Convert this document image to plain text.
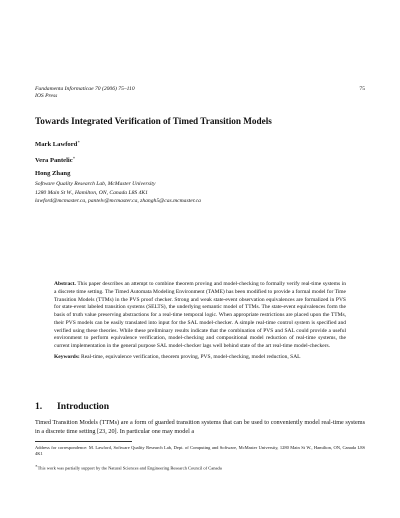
Fundamenta Informaticae 70 (2006) 75–110
IOS Press
75
Towards Integrated Verification of Timed Transition Models
Mark Lawford∗
Vera Pantelic∗
Hong Zhang
Software Quality Research Lab, McMaster University
1280 Main St W., Hamilton, ON, Canada L8S 4K1
lawford@mcmaster.ca, pantelv@mcmaster.ca, zhangh5@cas.mcmaster.ca
Abstract. This paper describes an attempt to combine theorem proving and model-checking to formally verify real-time systems in a discrete time setting. The Timed Automata Modeling Environment (TAME) has been modified to provide a formal model for Time Transition Models (TTMs) in the PVS proof checker. Strong and weak state-event observation equivalences are formalized in PVS for state-event labeled transition systems (SELTS), the underlying semantic model of TTMs. The state-event equivalences form the basis of truth value preserving abstractions for a real-time temporal logic. When appropriate restrictions are placed upon the TTMs, their PVS models can be easily translated into input for the SAL model-checker. A simple real-time control system is specified and verified using these theories. While these preliminary results indicate that the combination of PVS and SAL could provide a useful environment to perform equivalence verification, model-checking and compositional model reduction of real-time systems, the current implementation in the general purpose SAL model-checker lags well behind state of the art real-time model-checkers.
Keywords: Real-time, equivalence verification, theorem proving, PVS, model-checking, model reduction, SAL
1. Introduction
Timed Transition Models (TTMs) are a form of guarded transition systems that can be used to conveniently model real-time systems in a discrete time setting [23, 20]. In particular one may model a
Address for correspondence: M. Lawford, Software Quality Research Lab, Dept. of Computing and Software, McMaster University, 1280 Main St W., Hamilton, ON, Canada L8S 4K1
∗This work was partially support by the Natural Sciences and Engineering Research Council of Canada
